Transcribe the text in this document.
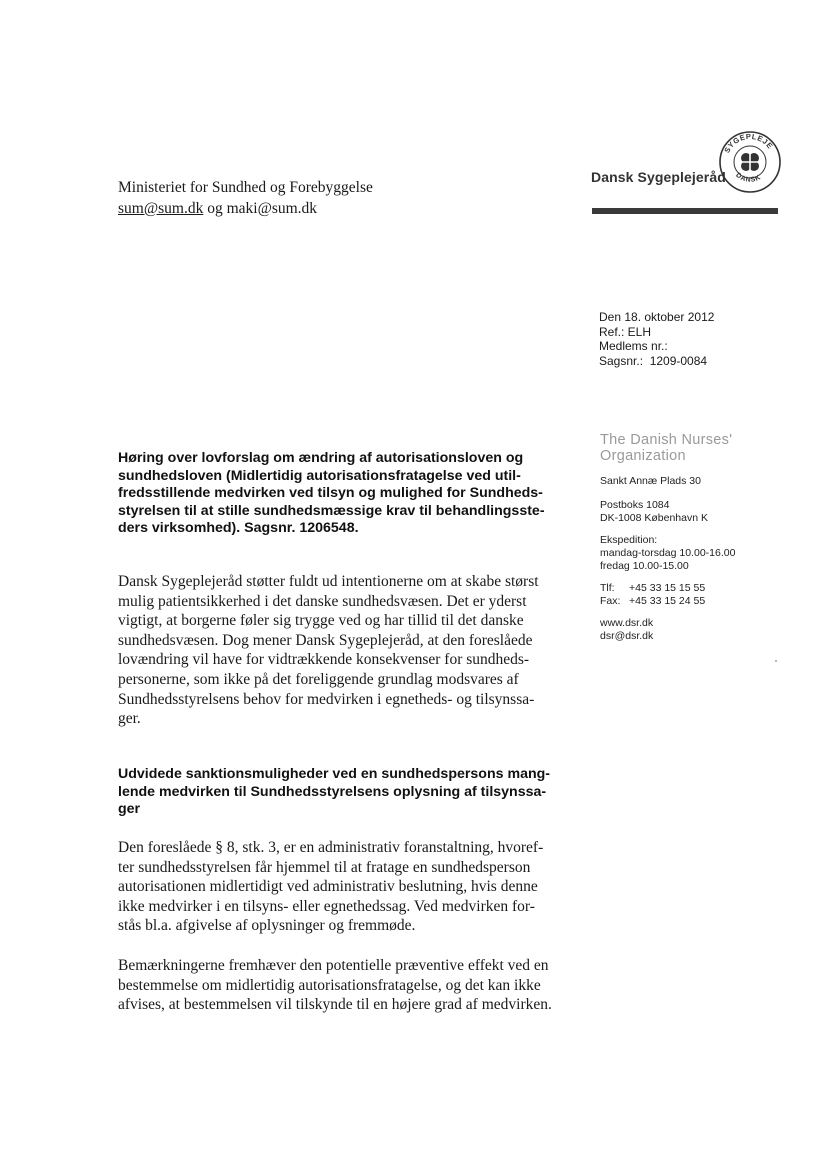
Ministeriet for Sundhed og Forebyggelse
sum@sum.dk og maki@sum.dk
Dansk Sygeplejeråd
SYGEPLEJE
DANSK
Den 18. oktober 2012
Ref.: ELH
Medlems nr.:
Sagsnr.:  1209-0084
The Danish Nurses'
Organization
Sankt Annæ Plads 30
Postboks 1084
DK-1008 København K
Ekspedition:
mandag-torsdag 10.00-16.00
fredag 10.00-15.00
Tlf: +45 33 15 15 55
Fax: +45 33 15 24 55
www.dsr.dk
dsr@dsr.dk
Høring over lovforslag om ændring af autorisationsloven og
sundhedsloven (Midlertidig autorisationsfratagelse ved util-
fredsstillende medvirken ved tilsyn og mulighed for Sundheds-
styrelsen til at stille sundhedsmæssige krav til behandlingsste-
ders virksomhed). Sagsnr. 1206548.
Dansk Sygeplejeråd støtter fuldt ud intentionerne om at skabe størst
mulig patientsikkerhed i det danske sundhedsvæsen. Det er yderst
vigtigt, at borgerne føler sig trygge ved og har tillid til det danske
sundhedsvæsen. Dog mener Dansk Sygeplejeråd, at den foreslåede
lovændring vil have for vidtrækkende konsekvenser for sundheds-
personerne, som ikke på det foreliggende grundlag modsvares af
Sundhedsstyrelsens behov for medvirken i egnetheds- og tilsynssa-
ger.
Udvidede sanktionsmuligheder ved en sundhedspersons mang-
lende medvirken til Sundhedsstyrelsens oplysning af tilsynssa-
ger
Den foreslåede § 8, stk. 3, er en administrativ foranstaltning, hvoref-
ter sundhedsstyrelsen får hjemmel til at fratage en sundhedsperson
autorisationen midlertidigt ved administrativ beslutning, hvis denne
ikke medvirker i en tilsyns- eller egnethedssag. Ved medvirken for-
stås bl.a. afgivelse af oplysninger og fremmøde.
Bemærkningerne fremhæver den potentielle præventive effekt ved en
bestemmelse om midlertidig autorisationsfratagelse, og det kan ikke
afvises, at bestemmelsen vil tilskynde til en højere grad af medvirken.
